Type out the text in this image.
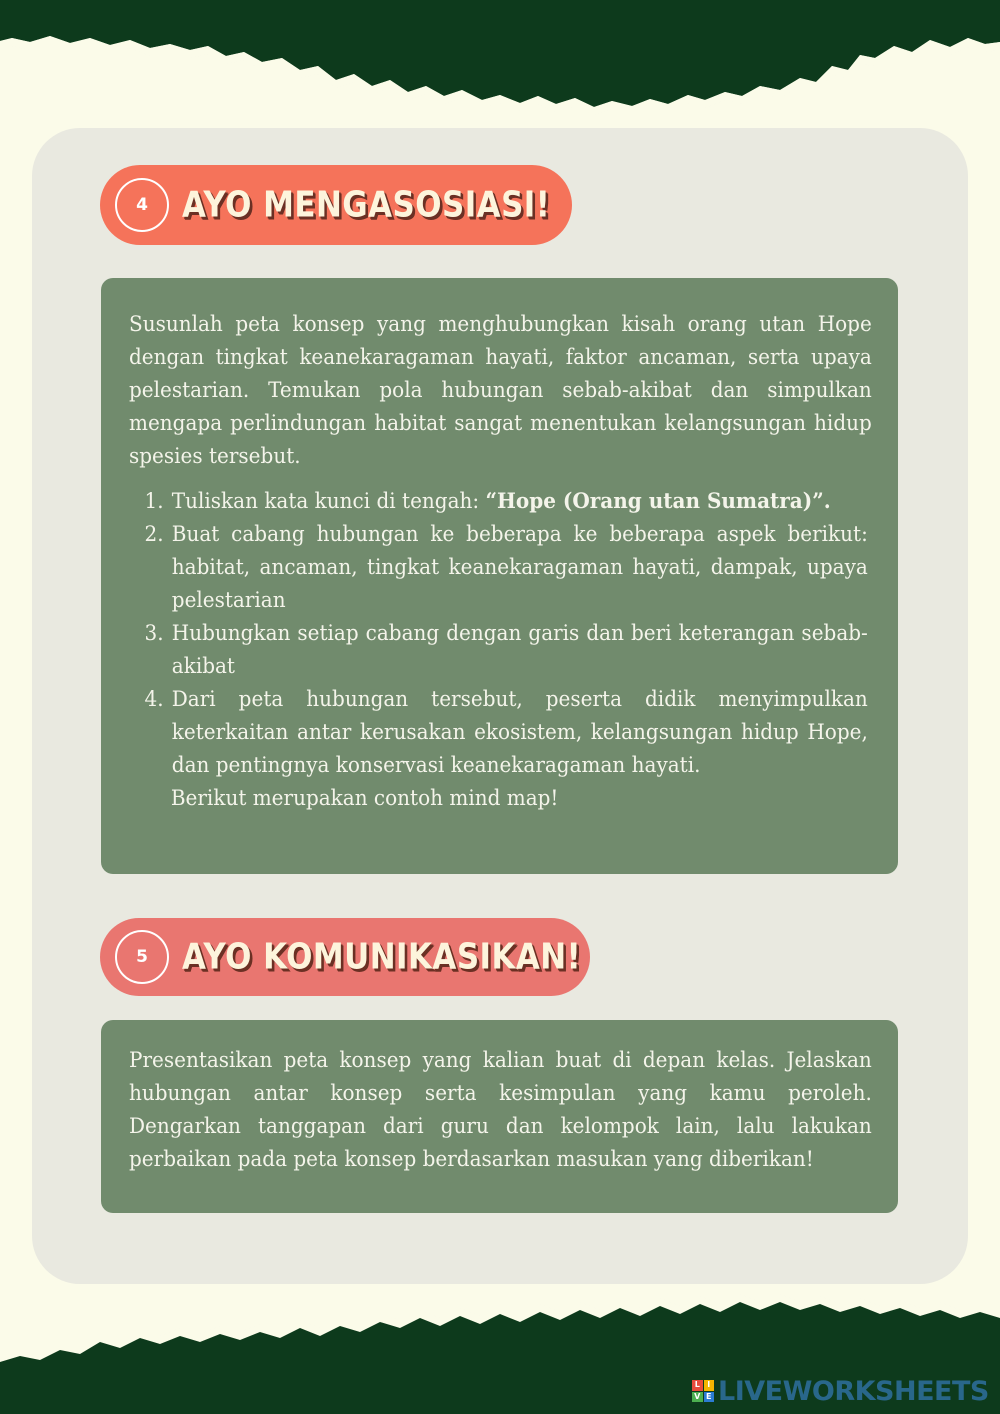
4 AYO MENGASOSIASI!

Susunlah peta konsep yang menghubungkan kisah orang utan Hope dengan tingkat keanekaragaman hayati, faktor ancaman, serta upaya pelestarian. Temukan pola hubungan sebab-akibat dan simpulkan mengapa perlindungan habitat sangat menentukan kelangsungan hidup spesies tersebut.

1. Tuliskan kata kunci di tengah: “Hope (Orang utan Sumatra)”.
2. Buat cabang hubungan ke beberapa ke beberapa aspek berikut: habitat, ancaman, tingkat keanekaragaman hayati, dampak, upaya pelestarian
3. Hubungkan setiap cabang dengan garis dan beri keterangan sebab-akibat
4. Dari peta hubungan tersebut, peserta didik menyimpulkan keterkaitan antar kerusakan ekosistem, kelangsungan hidup Hope, dan pentingnya konservasi keanekaragaman hayati.

Berikut merupakan contoh mind map!

5 AYO KOMUNIKASIKAN!

Presentasikan peta konsep yang kalian buat di depan kelas. Jelaskan hubungan antar konsep serta kesimpulan yang kamu peroleh. Dengarkan tanggapan dari guru dan kelompok lain, lalu lakukan perbaikan pada peta konsep berdasarkan masukan yang diberikan!

L I
V E LIVEWORKSHEETS
